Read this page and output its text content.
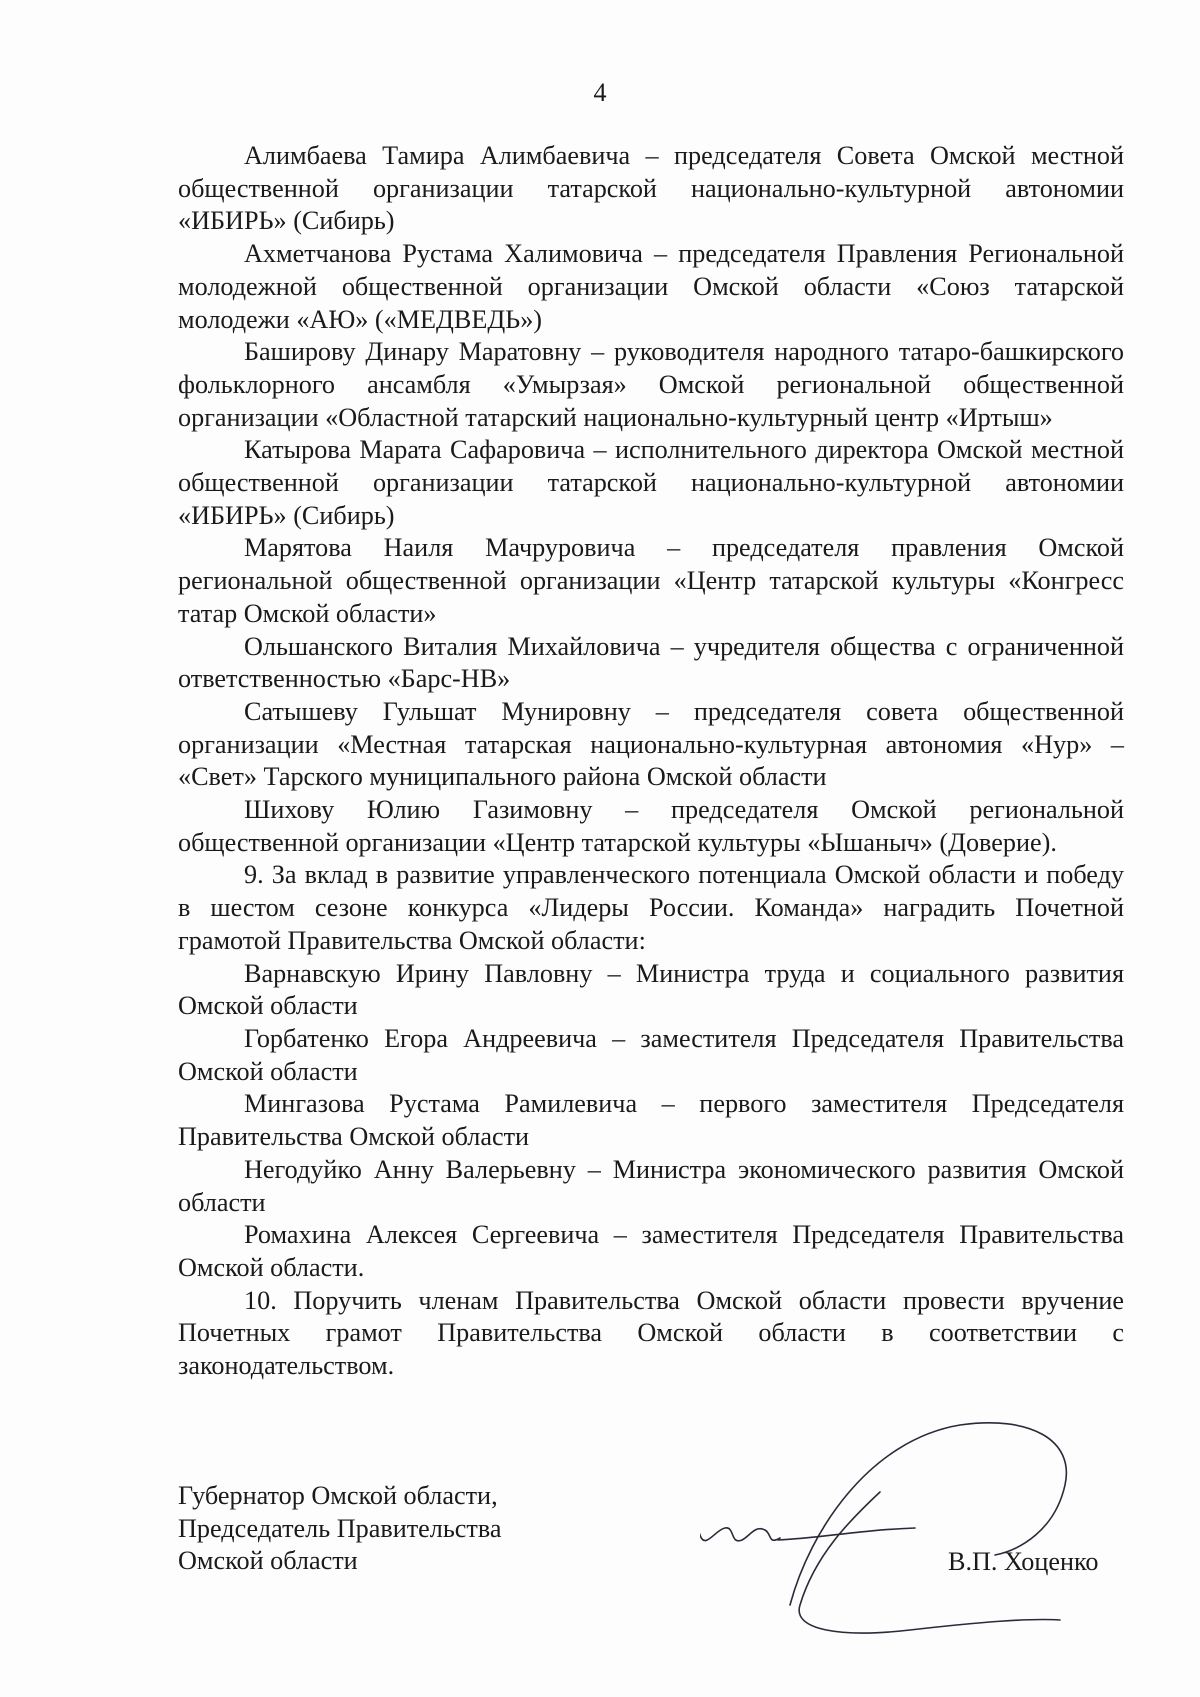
4

Алимбаева Тамира Алимбаевича – председателя Совета Омской местной общественной организации татарской национально-культурной автономии «ИБИРЬ» (Сибирь)

Ахметчанова Рустама Халимовича – председателя Правления Региональной молодежной общественной организации Омской области «Союз татарской молодежи «АЮ» («МЕДВЕДЬ»)

Баширову Динару Маратовну – руководителя народного татаро-башкирского фольклорного ансамбля «Умырзая» Омской региональной общественной организации «Областной татарский национально-культурный центр «Иртыш»

Катырова Марата Сафаровича – исполнительного директора Омской местной общественной организации татарской национально-культурной автономии «ИБИРЬ» (Сибирь)

Марятова Наиля Мачруровича – председателя правления Омской региональной общественной организации «Центр татарской культуры «Конгресс татар Омской области»

Ольшанского Виталия Михайловича – учредителя общества с ограниченной ответственностью «Барс-НВ»

Сатышеву Гульшат Мунировну – председателя совета общественной организации «Местная татарская национально-культурная автономия «Нур» – «Свет» Тарского муниципального района Омской области

Шихову Юлию Газимовну – председателя Омской региональной общественной организации «Центр татарской культуры «Ышаныч» (Доверие).

9. За вклад в развитие управленческого потенциала Омской области и победу в шестом сезоне конкурса «Лидеры России. Команда» наградить Почетной грамотой Правительства Омской области:

Варнавскую Ирину Павловну – Министра труда и социального развития Омской области

Горбатенко Егора Андреевича – заместителя Председателя Правительства Омской области

Мингазова Рустама Рамилевича – первого заместителя Председателя Правительства Омской области

Негодуйко Анну Валерьевну – Министра экономического развития Омской области

Ромахина Алексея Сергеевича – заместителя Председателя Правительства Омской области.

10. Поручить членам Правительства Омской области провести вручение Почетных грамот Правительства Омской области в соответствии с законодательством.

Губернатор Омской области,
Председатель Правительства
Омской области	В.П. Хоценко
